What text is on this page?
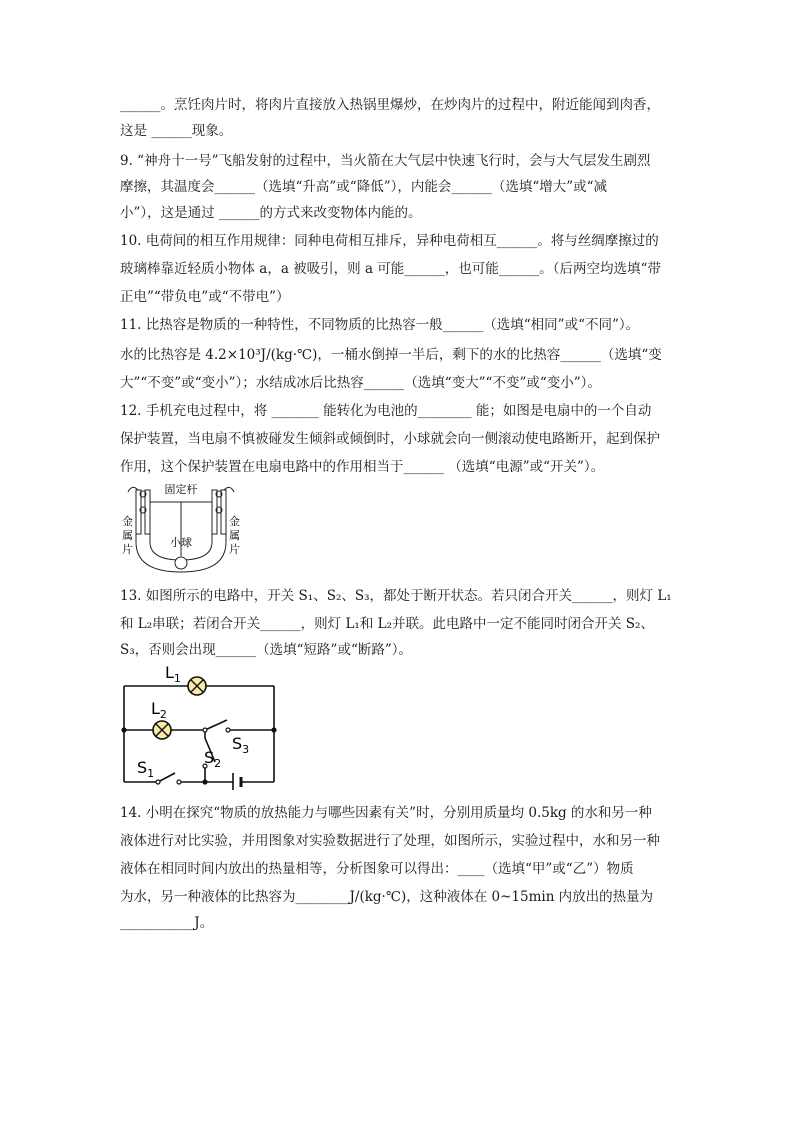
______。烹饪肉片时，将肉片直接放入热锅里爆炒，在炒肉片的过程中，附近能闻到肉香，
这是 ______现象。
9. “神舟十一号”飞船发射的过程中，当火箭在大气层中快速飞行时，会与大气层发生剧烈
摩擦，其温度会______（选填“升高”或“降低”），内能会______（选填“增大”或“减
小”），这是通过 ______的方式来改变物体内能的。
10. 电荷间的相互作用规律：同种电荷相互排斥，异种电荷相互______。将与丝绸摩擦过的
玻璃棒靠近轻质小物体 a，a 被吸引，则 a 可能______，也可能______。（后两空均选填“带
正电”“带负电”或“不带电”）
11. 比热容是物质的一种特性，不同物质的比热容一般______（选填“相同”或“不同”）。
水的比热容是 4.2×10³J/(kg·℃)，一桶水倒掉一半后，剩下的水的比热容______（选填“变
大”“不变”或“变小”）；水结成冰后比热容______（选填“变大”“不变”或“变小”）。
12. 手机充电过程中，将 _______ 能转化为电池的________ 能；如图是电扇中的一个自动
保护装置，当电扇不慎被碰发生倾斜或倾倒时，小球就会向一侧滚动使电路断开，起到保护
作用，这个保护装置在电扇电路中的作用相当于______ （选填“电源”或“开关”）。
13. 如图所示的电路中，开关 S₁、S₂、S₃，都处于断开状态。若只闭合开关______，则灯 L₁
和 L₂串联；若闭合开关______，则灯 L₁和 L₂并联。此电路中一定不能同时闭合开关 S₂、
S₃，否则会出现______（选填“短路”或“断路”）。
14. 小明在探究“物质的放热能力与哪些因素有关”时，分别用质量均 0.5kg 的水和另一种
液体进行对比实验，并用图象对实验数据进行了处理，如图所示，实验过程中，水和另一种
液体在相同时间内放出的热量相等，分析图象可以得出：____（选填“甲”或“乙”）物质
为水，另一种液体的比热容为________J/(kg·℃)，这种液体在 0~15min 内放出的热量为
___________J。
固定杆
小球
金
属
片
金
属
片
$L_1$
$L_2$
$S_3$
$S_2$
$S_1$
